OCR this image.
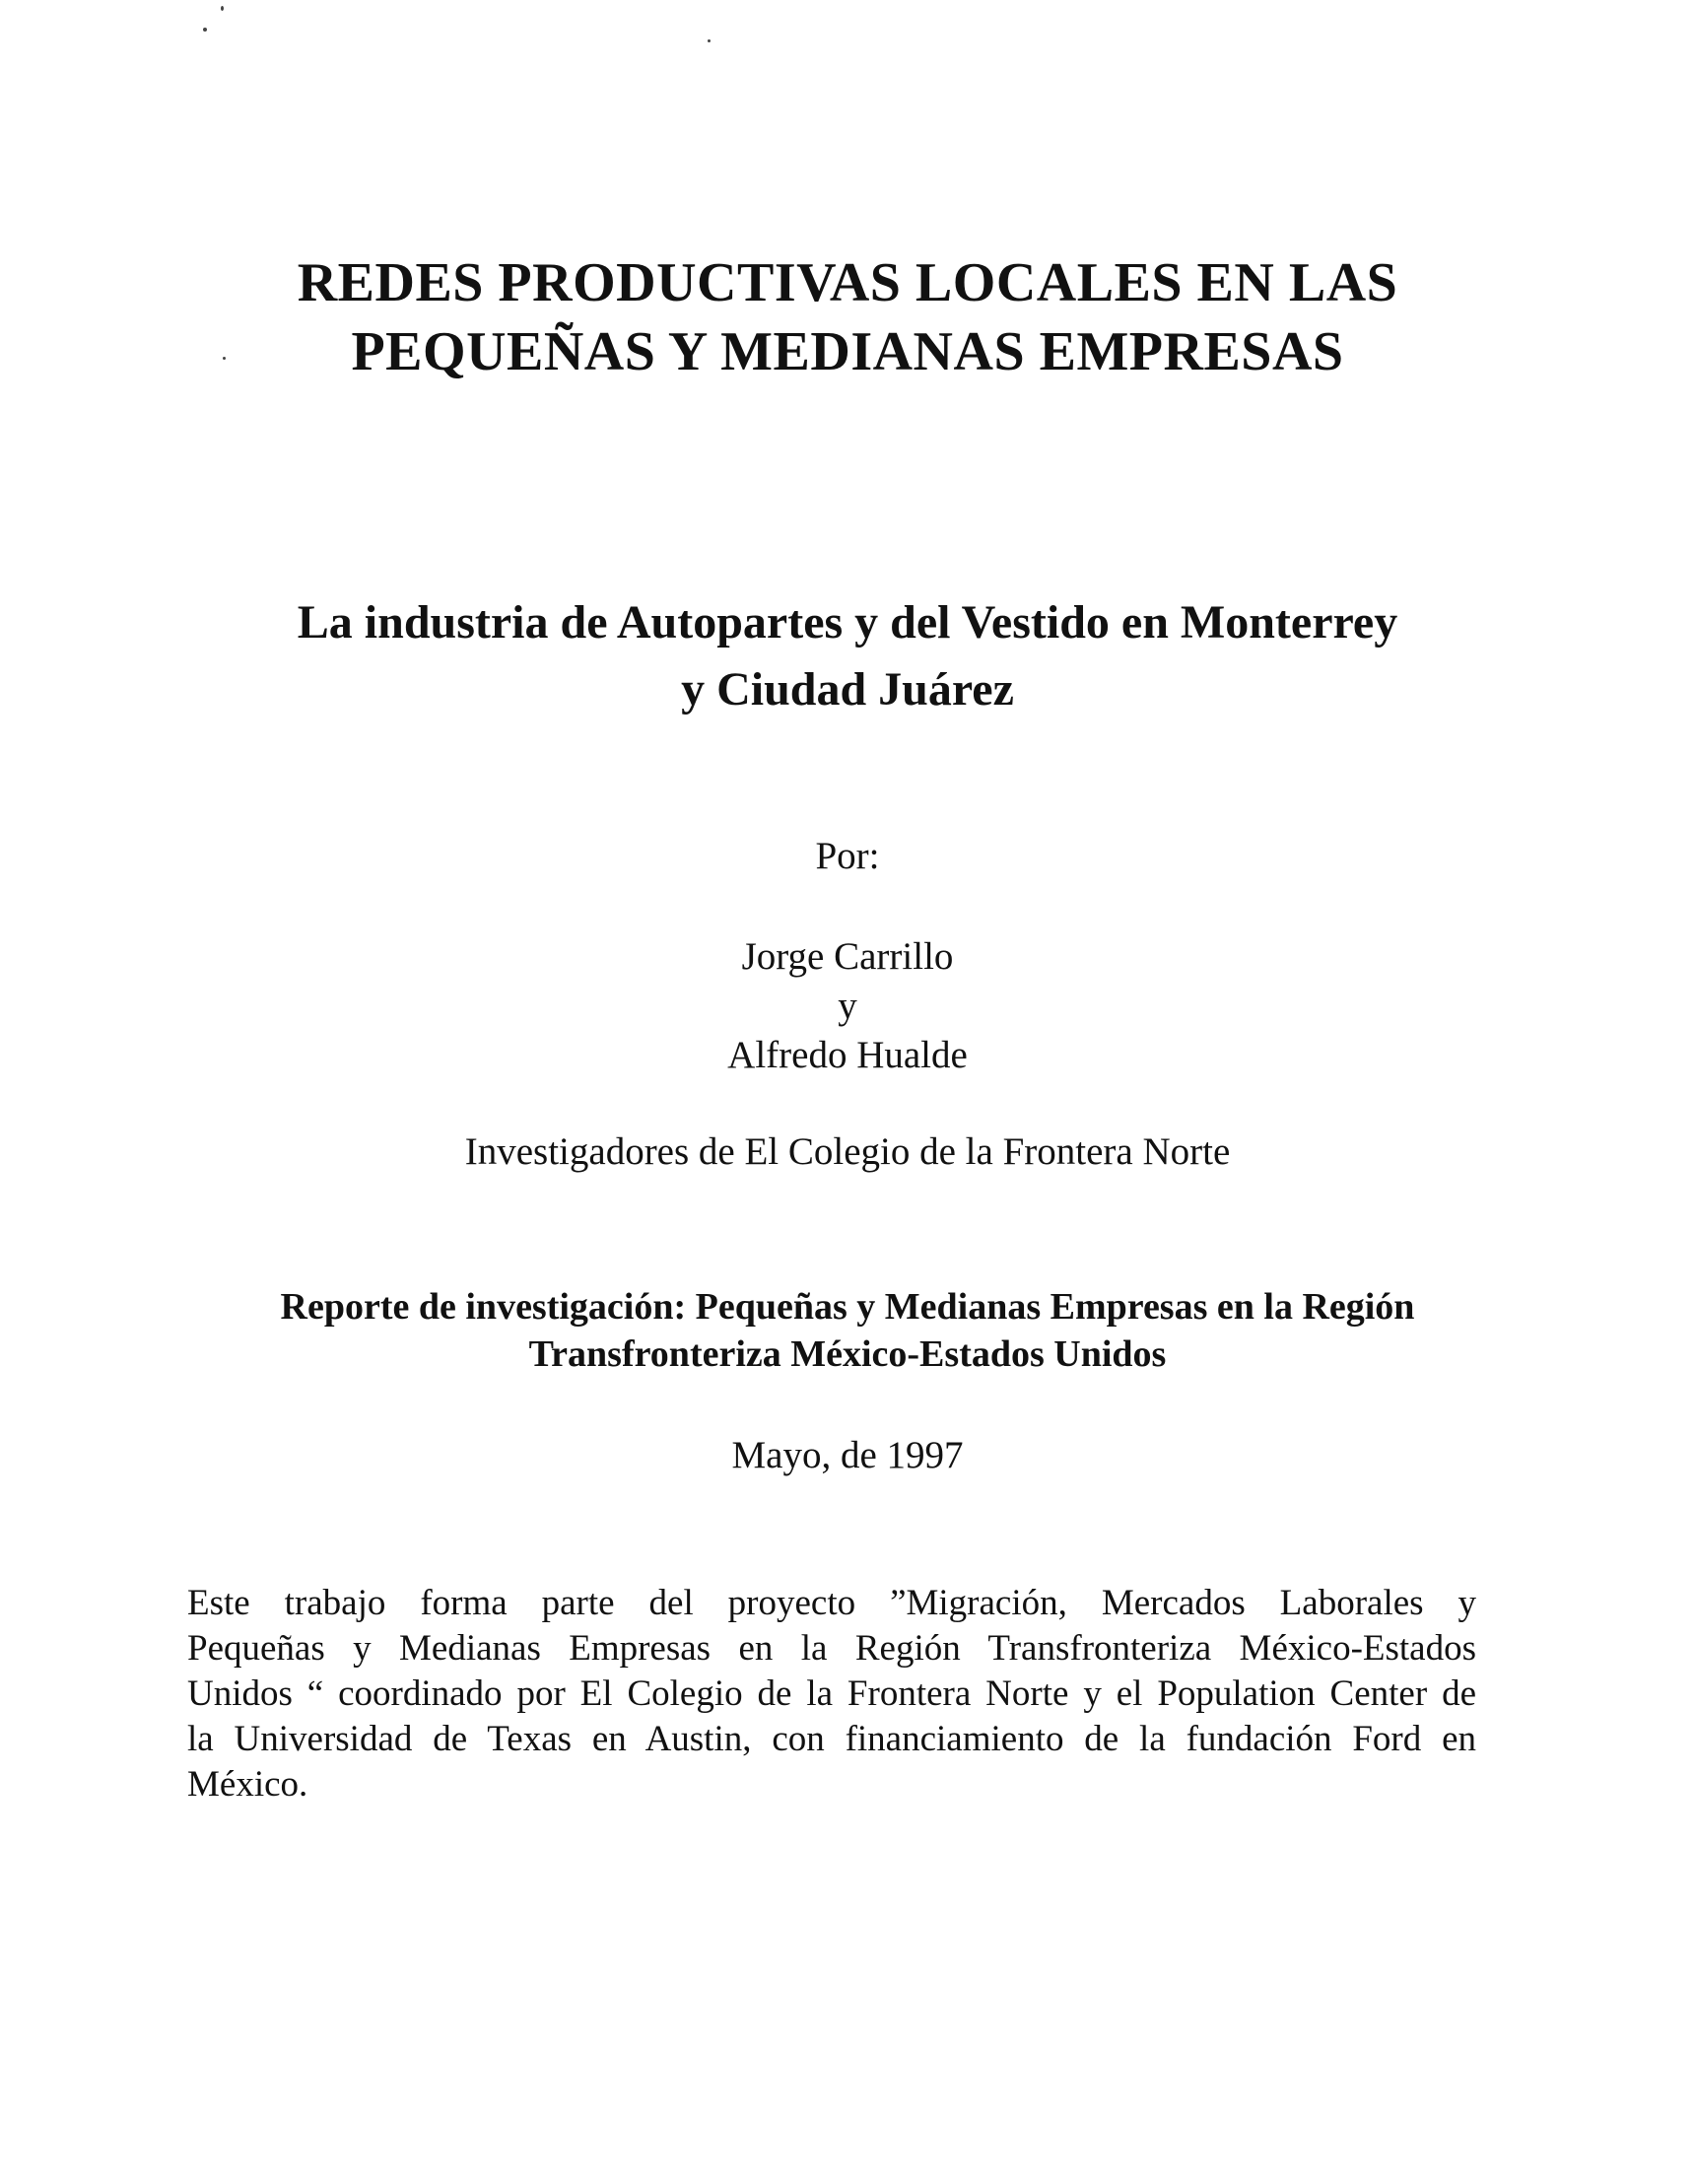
REDES PRODUCTIVAS LOCALES EN LAS
PEQUEÑAS Y MEDIANAS EMPRESAS
La industria de Autopartes y del Vestido en Monterrey
y Ciudad Juárez
Por:
Jorge Carrillo
y
Alfredo Hualde
Investigadores de El Colegio de la Frontera Norte
Reporte de investigación: Pequeñas y Medianas Empresas en la Región
Transfronteriza México-Estados Unidos
Mayo, de 1997
Este trabajo forma parte del proyecto ”Migración, Mercados Laborales y
Pequeñas y Medianas Empresas en la Región Transfronteriza México-Estados
Unidos “ coordinado por El Colegio de la Frontera Norte y el Population Center de
la Universidad de Texas en Austin, con financiamiento de la fundación Ford en
México.
